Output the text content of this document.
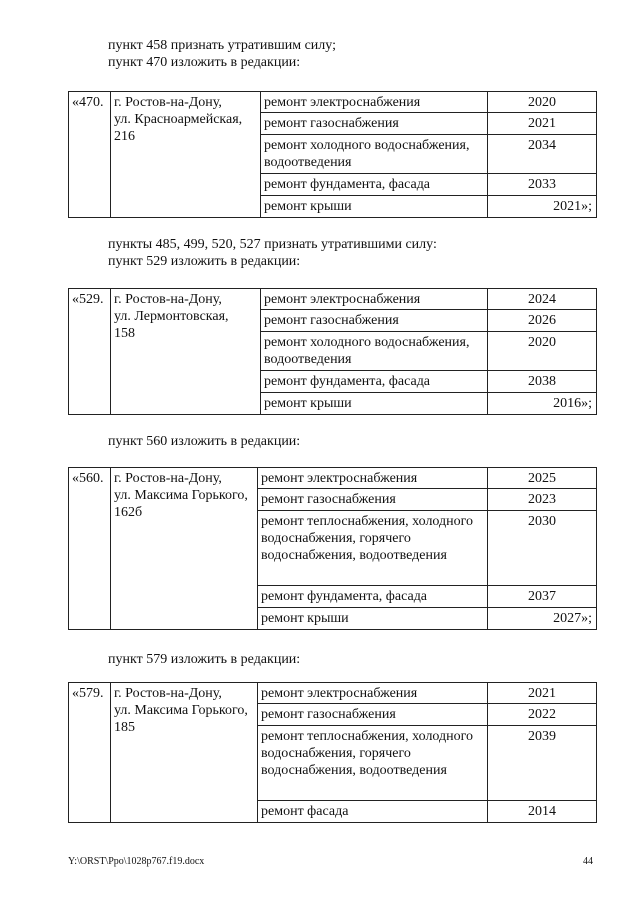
пункт 458 признать утратившим силу;
пункт 470 изложить в редакции:

«470.	г. Ростов-на-Дону,
ул. Красноармейская,
216	ремонт электроснабжения	2020
		ремонт газоснабжения	2021
		ремонт холодного водоснабжения, водоотведения	2034
		ремонт фундамента, фасада	2033
		ремонт крыши	2021»;

пункты 485, 499, 520, 527 признать утратившими силу:
пункт 529 изложить в редакции:

«529.	г. Ростов-на-Дону,
ул. Лермонтовская,
158	ремонт электроснабжения	2024
		ремонт газоснабжения	2026
		ремонт холодного водоснабжения, водоотведения	2020
		ремонт фундамента, фасада	2038
		ремонт крыши	2016»;

пункт 560 изложить в редакции:

«560.	г. Ростов-на-Дону,
ул. Максима Горького,
162б	ремонт электроснабжения	2025
		ремонт газоснабжения	2023
		ремонт теплоснабжения, холодного водоснабжения, горячего водоснабжения, водоотведения	2030
		ремонт фундамента, фасада	2037
		ремонт крыши	2027»;

пункт 579 изложить в редакции:

«579.	г. Ростов-на-Дону,
ул. Максима Горького,
185	ремонт электроснабжения	2021
		ремонт газоснабжения	2022
		ремонт теплоснабжения, холодного водоснабжения, горячего водоснабжения, водоотведения	2039
		ремонт фасада	2014
Y:\ORST\Ppo\1028p767.f19.docx	44
